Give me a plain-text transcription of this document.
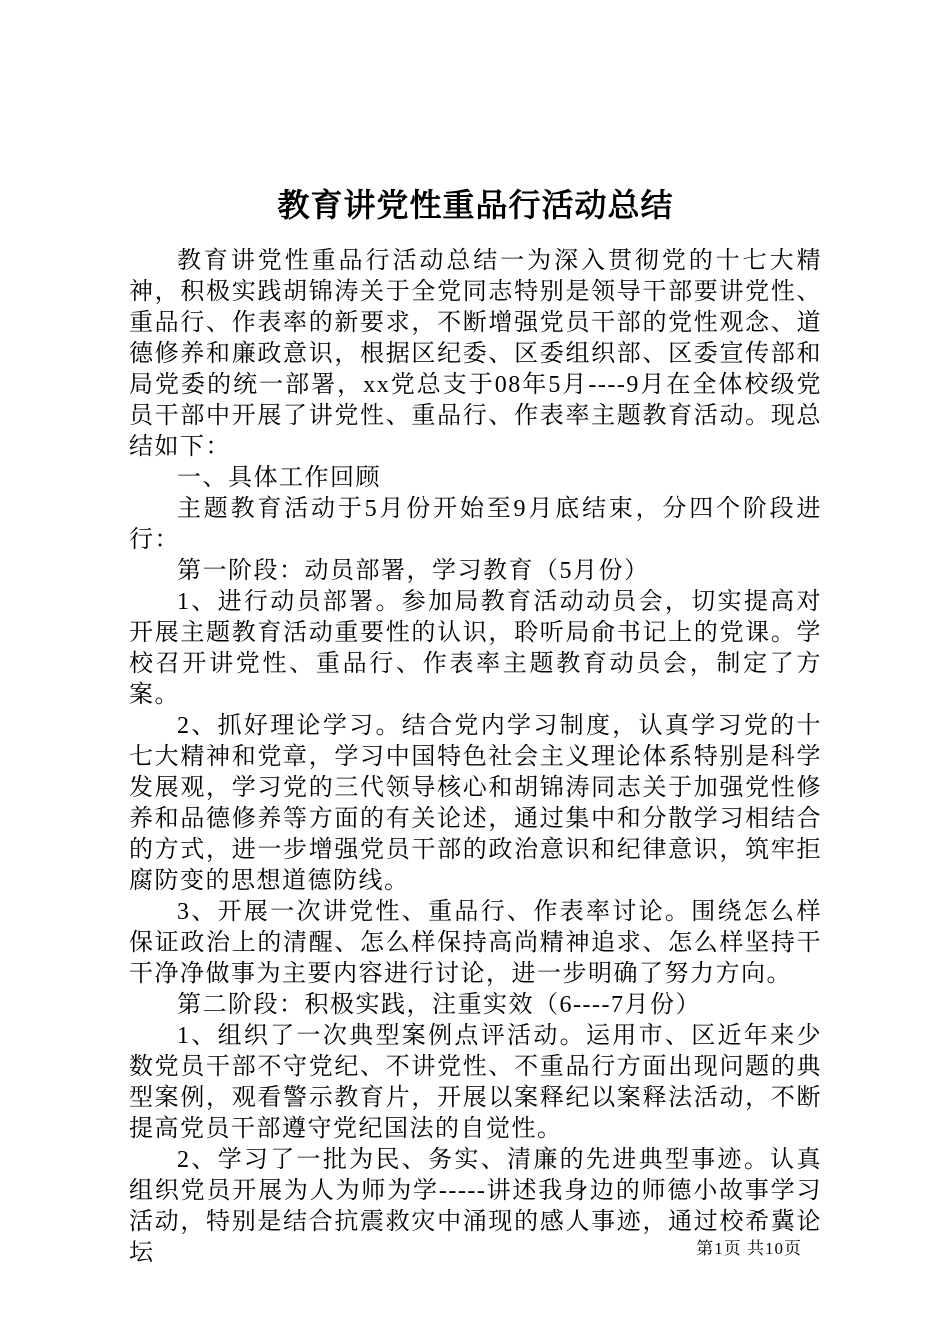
教育讲党性重品行活动总结

教育讲党性重品行活动总结一为深入贯彻党的十七大精神，积极实践胡锦涛关于全党同志特别是领导干部要讲党性、重品行、作表率的新要求，不断增强党员干部的党性观念、道德修养和廉政意识，根据区纪委、区委组织部、区委宣传部和局党委的统一部署，xx党总支于08年5月----9月在全体校级党员干部中开展了讲党性、重品行、作表率主题教育活动。现总结如下：

一、具体工作回顾

主题教育活动于5月份开始至9月底结束，分四个阶段进行：

第一阶段：动员部署，学习教育（5月份）

1、进行动员部署。参加局教育活动动员会，切实提高对开展主题教育活动重要性的认识，聆听局俞书记上的党课。学校召开讲党性、重品行、作表率主题教育动员会，制定了方案。

2、抓好理论学习。结合党内学习制度，认真学习党的十七大精神和党章，学习中国特色社会主义理论体系特别是科学发展观，学习党的三代领导核心和胡锦涛同志关于加强党性修养和品德修养等方面的有关论述，通过集中和分散学习相结合的方式，进一步增强党员干部的政治意识和纪律意识，筑牢拒腐防变的思想道德防线。

3、开展一次讲党性、重品行、作表率讨论。围绕怎么样保证政治上的清醒、怎么样保持高尚精神追求、怎么样坚持干干净净做事为主要内容进行讨论，进一步明确了努力方向。

第二阶段：积极实践，注重实效（6----7月份）

1、组织了一次典型案例点评活动。运用市、区近年来少数党员干部不守党纪、不讲党性、不重品行方面出现问题的典型案例，观看警示教育片，开展以案释纪以案释法活动，不断提高党员干部遵守党纪国法的自觉性。

2、学习了一批为民、务实、清廉的先进典型事迹。认真组织党员开展为人为师为学-----讲述我身边的师德小故事学习活动，特别是结合抗震救灾中涌现的感人事迹，通过校希冀论坛	第1页 共10页
